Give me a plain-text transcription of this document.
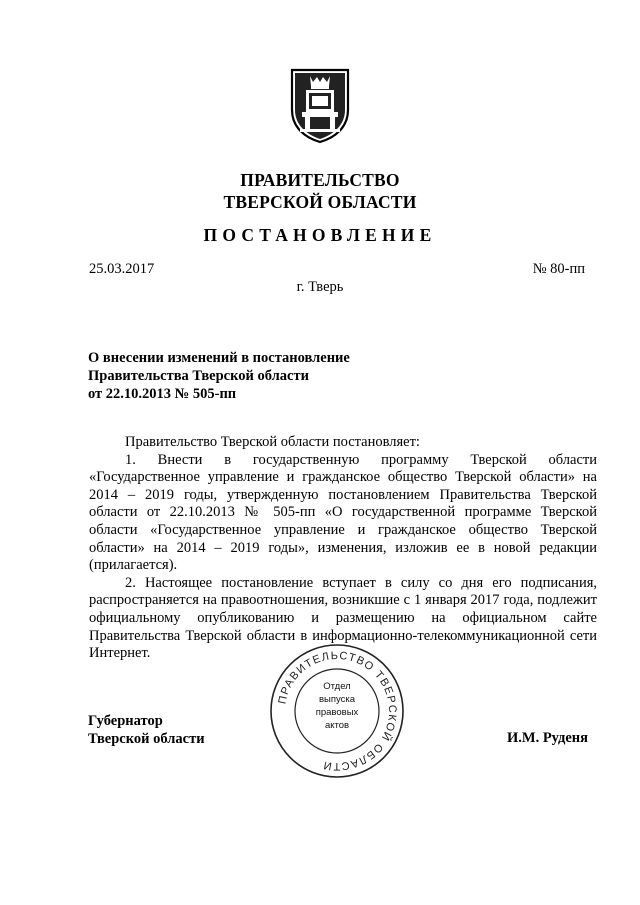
ПРАВИТЕЛЬСТВО
ТВЕРСКОЙ ОБЛАСТИ
ПОСТАНОВЛЕНИЕ
25.03.2017	№ 80-пп
г. Тверь
О внесении изменений в постановление
Правительства Тверской области
от 22.10.2013 № 505-пп

Правительство Тверской области постановляет:

1. Внести в государственную программу Тверской области «Государственное управление и гражданское общество Тверской области» на 2014 – 2019 годы, утвержденную постановлением Правительства Тверской области от 22.10.2013 № 505-пп «О государственной программе Тверской области «Государственное управление и гражданское общество Тверской области» на 2014 – 2019 годы», изменения, изложив ее в новой редакции (прилагается).

2. Настоящее постановление вступает в силу со дня его подписания, распространяется на правоотношения, возникшие с 1 января 2017 года, подлежит официальному опубликованию и размещению на официальном сайте Правительства Тверской области в информационно-телекоммуникационной сети Интернет.

Губернатор
Тверской области	И.М. Руденя
ПРАВИТЕЛЬСТВО ТВЕРСКОЙ ОБЛАСТИ
Отдел
выпуска
правовых
актов
